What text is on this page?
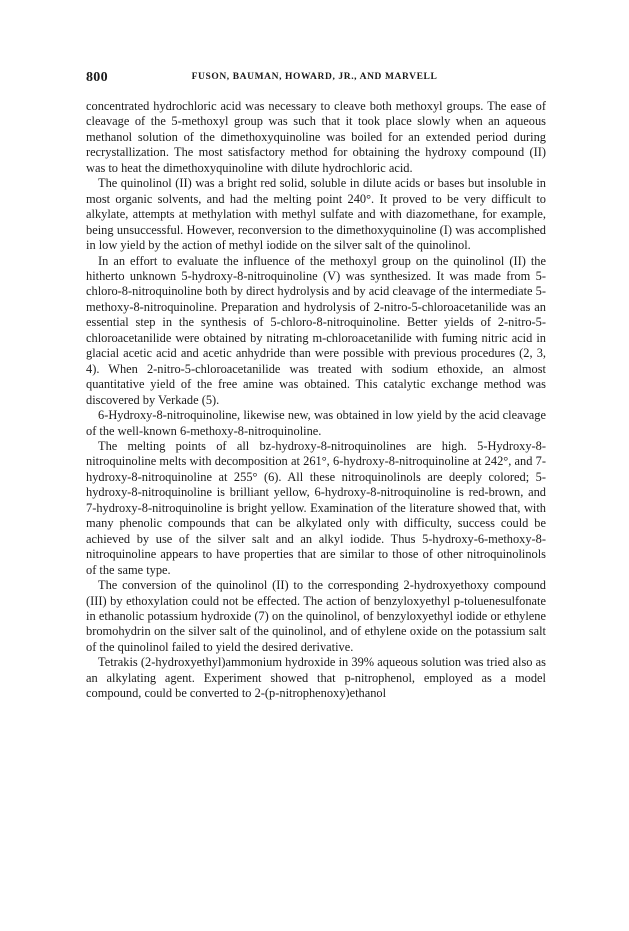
800	FUSON, BAUMAN, HOWARD, JR., AND MARVELL

concentrated hydrochloric acid was necessary to cleave both methoxyl groups. The ease of cleavage of the 5-methoxyl group was such that it took place slowly when an aqueous methanol solution of the dimethoxyquinoline was boiled for an extended period during recrystallization. The most satisfactory method for obtaining the hydroxy compound (II) was to heat the dimethoxyquinoline with dilute hydrochloric acid.

The quinolinol (II) was a bright red solid, soluble in dilute acids or bases but insoluble in most organic solvents, and had the melting point 240°. It proved to be very difficult to alkylate, attempts at methylation with methyl sulfate and with diazomethane, for example, being unsuccessful. However, reconversion to the dimethoxyquinoline (I) was accomplished in low yield by the action of methyl iodide on the silver salt of the quinolinol.

In an effort to evaluate the influence of the methoxyl group on the quinolinol (II) the hitherto unknown 5-hydroxy-8-nitroquinoline (V) was synthesized. It was made from 5-chloro-8-nitroquinoline both by direct hydrolysis and by acid cleavage of the intermediate 5-methoxy-8-nitroquinoline. Preparation and hydrolysis of 2-nitro-5-chloroacetanilide was an essential step in the synthesis of 5-chloro-8-nitroquinoline. Better yields of 2-nitro-5-chloroacetanilide were obtained by nitrating m-chloroacetanilide with fuming nitric acid in glacial acetic acid and acetic anhydride than were possible with previous procedures (2, 3, 4). When 2-nitro-5-chloroacetanilide was treated with sodium ethoxide, an almost quantitative yield of the free amine was obtained. This catalytic exchange method was discovered by Verkade (5).

6-Hydroxy-8-nitroquinoline, likewise new, was obtained in low yield by the acid cleavage of the well-known 6-methoxy-8-nitroquinoline.

The melting points of all bz-hydroxy-8-nitroquinolines are high. 5-Hydroxy-8-nitroquinoline melts with decomposition at 261°, 6-hydroxy-8-nitroquinoline at 242°, and 7-hydroxy-8-nitroquinoline at 255° (6). All these nitroquinolinols are deeply colored; 5-hydroxy-8-nitroquinoline is brilliant yellow, 6-hydroxy-8-nitroquinoline is red-brown, and 7-hydroxy-8-nitroquinoline is bright yellow. Examination of the literature showed that, with many phenolic compounds that can be alkylated only with difficulty, success could be achieved by use of the silver salt and an alkyl iodide. Thus 5-hydroxy-6-methoxy-8-nitroquinoline appears to have properties that are similar to those of other nitroquinolinols of the same type.

The conversion of the quinolinol (II) to the corresponding 2-hydroxyethoxy compound (III) by ethoxylation could not be effected. The action of benzyloxyethyl p-toluenesulfonate in ethanolic potassium hydroxide (7) on the quinolinol, of benzyloxyethyl iodide or ethylene bromohydrin on the silver salt of the quinolinol, and of ethylene oxide on the potassium salt of the quinolinol failed to yield the desired derivative.

Tetrakis (2-hydroxyethyl)ammonium hydroxide in 39% aqueous solution was tried also as an alkylating agent. Experiment showed that p-nitrophenol, employed as a model compound, could be converted to 2-(p-nitrophenoxy)ethanol
